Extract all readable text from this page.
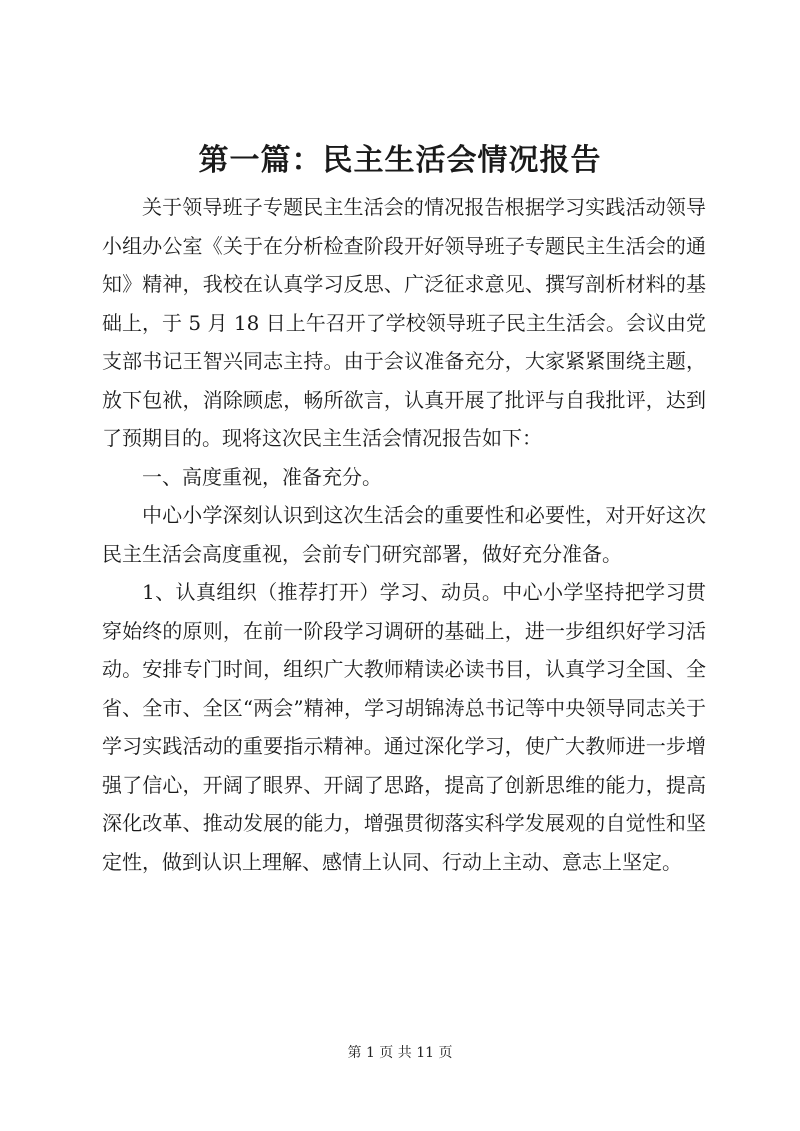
第一篇：民主生活会情况报告

关于领导班子专题民主生活会的情况报告根据学习实践活动领导小组办公室《关于在分析检查阶段开好领导班子专题民主生活会的通知》精神，我校在认真学习反思、广泛征求意见、撰写剖析材料的基础上，于 5 月 18 日上午召开了学校领导班子民主生活会。会议由党支部书记王智兴同志主持。由于会议准备充分，大家紧紧围绕主题，放下包袱，消除顾虑，畅所欲言，认真开展了批评与自我批评，达到了预期目的。现将这次民主生活会情况报告如下：

一、高度重视，准备充分。

中心小学深刻认识到这次生活会的重要性和必要性，对开好这次民主生活会高度重视，会前专门研究部署，做好充分准备。

1、认真组织（推荐打开）学习、动员。中心小学坚持把学习贯穿始终的原则，在前一阶段学习调研的基础上，进一步组织好学习活动。安排专门时间，组织广大教师精读必读书目，认真学习全国、全省、全市、全区“两会”精神，学习胡锦涛总书记等中央领导同志关于学习实践活动的重要指示精神。通过深化学习，使广大教师进一步增强了信心，开阔了眼界、开阔了思路，提高了创新思维的能力，提高深化改革、推动发展的能力，增强贯彻落实科学发展观的自觉性和坚定性，做到认识上理解、感情上认同、行动上主动、意志上坚定。

第 1 页 共 11 页
